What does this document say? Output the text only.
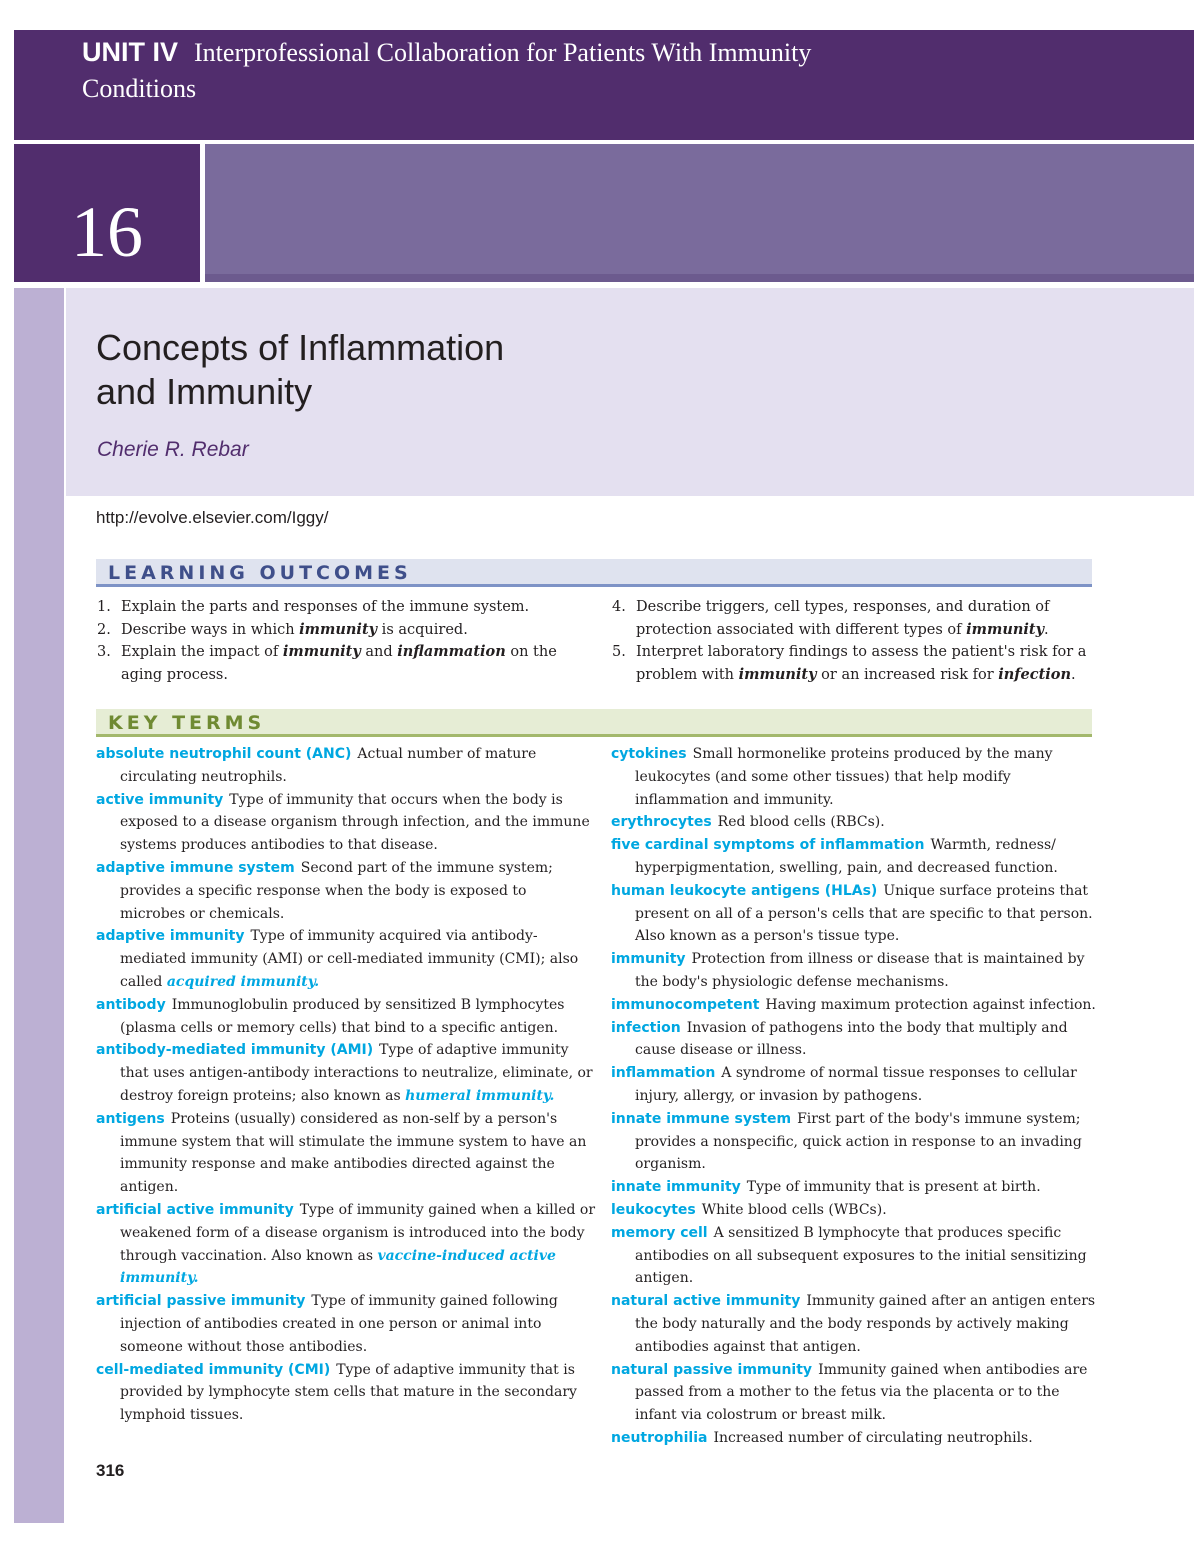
UNIT IV Interprofessional Collaboration for Patients With Immunity
Conditions
16
Concepts of Inflammation
and Immunity
Cherie R. Rebar
http://evolve.elsevier.com/Iggy/
LEARNING OUTCOMES
1. Explain the parts and responses of the immune system.
2. Describe ways in which immunity is acquired.
3. Explain the impact of immunity and inflammation on the aging process.
4. Describe triggers, cell types, responses, and duration of protection associated with different types of immunity.
5. Interpret laboratory findings to assess the patient's risk for a problem with immunity or an increased risk for infection.
KEY TERMS
absolute neutrophil count (ANC) Actual number of mature circulating neutrophils.
active immunity Type of immunity that occurs when the body is exposed to a disease organism through infection, and the immune systems produces antibodies to that disease.
adaptive immune system Second part of the immune system; provides a specific response when the body is exposed to microbes or chemicals.
adaptive immunity Type of immunity acquired via antibody-mediated immunity (AMI) or cell-mediated immunity (CMI); also called acquired immunity.
antibody Immunoglobulin produced by sensitized B lymphocytes (plasma cells or memory cells) that bind to a specific antigen.
antibody-mediated immunity (AMI) Type of adaptive immunity that uses antigen-antibody interactions to neutralize, eliminate, or destroy foreign proteins; also known as humeral immunity.
antigens Proteins (usually) considered as non-self by a person's immune system that will stimulate the immune system to have an immunity response and make antibodies directed against the antigen.
artificial active immunity Type of immunity gained when a killed or weakened form of a disease organism is introduced into the body through vaccination. Also known as vaccine-induced active immunity.
artificial passive immunity Type of immunity gained following injection of antibodies created in one person or animal into someone without those antibodies.
cell-mediated immunity (CMI) Type of adaptive immunity that is provided by lymphocyte stem cells that mature in the secondary lymphoid tissues.
cytokines Small hormonelike proteins produced by the many leukocytes (and some other tissues) that help modify inflammation and immunity.
erythrocytes Red blood cells (RBCs).
five cardinal symptoms of inflammation Warmth, redness/ hyperpigmentation, swelling, pain, and decreased function.
human leukocyte antigens (HLAs) Unique surface proteins that present on all of a person's cells that are specific to that person. Also known as a person's tissue type.
immunity Protection from illness or disease that is maintained by the body's physiologic defense mechanisms.
immunocompetent Having maximum protection against infection.
infection Invasion of pathogens into the body that multiply and cause disease or illness.
inflammation A syndrome of normal tissue responses to cellular injury, allergy, or invasion by pathogens.
innate immune system First part of the body's immune system; provides a nonspecific, quick action in response to an invading organism.
innate immunity Type of immunity that is present at birth.
leukocytes White blood cells (WBCs).
memory cell A sensitized B lymphocyte that produces specific antibodies on all subsequent exposures to the initial sensitizing antigen.
natural active immunity Immunity gained after an antigen enters the body naturally and the body responds by actively making antibodies against that antigen.
natural passive immunity Immunity gained when antibodies are passed from a mother to the fetus via the placenta or to the infant via colostrum or breast milk.
neutrophilia Increased number of circulating neutrophils.
316
